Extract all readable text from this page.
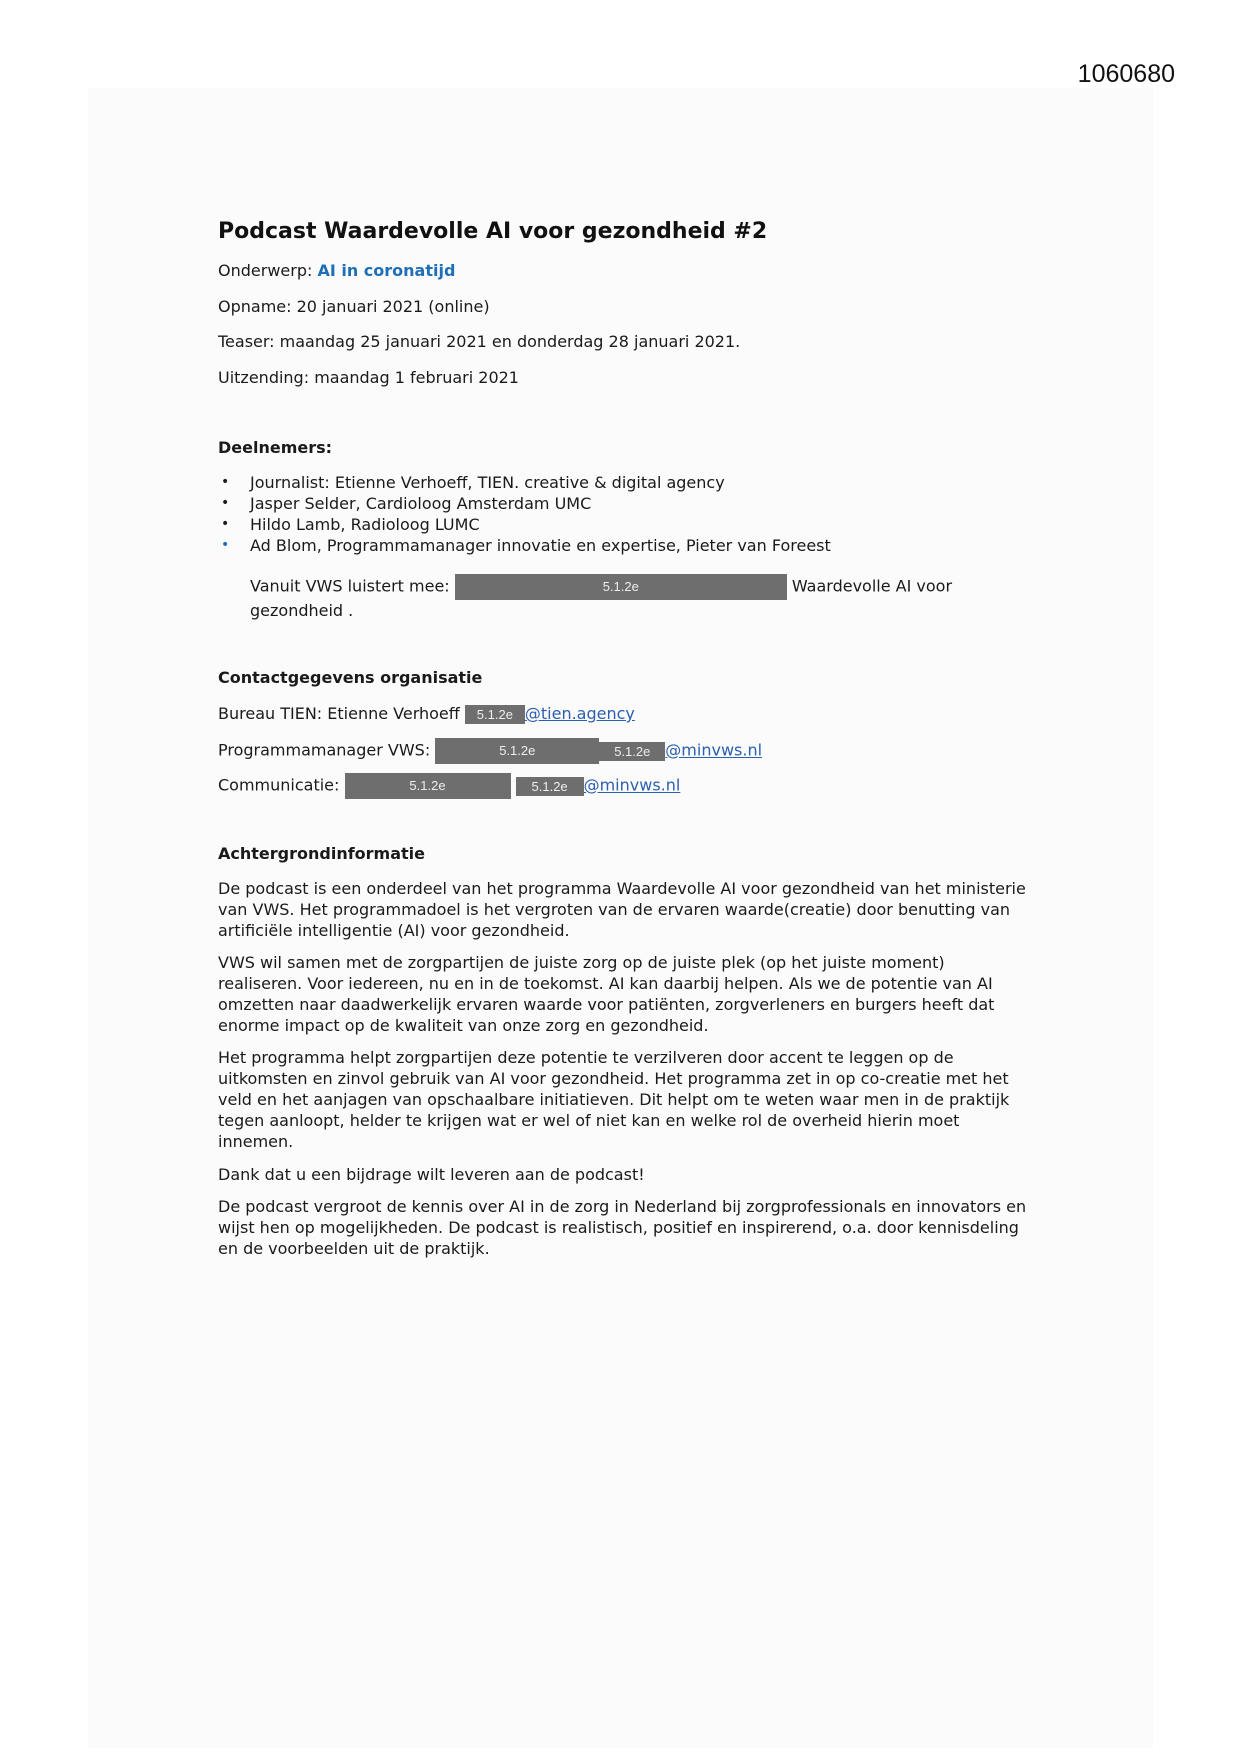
1060680
Podcast Waardevolle AI voor gezondheid #2
Onderwerp: AI in coronatijd
Opname: 20 januari 2021 (online)
Teaser: maandag 25 januari 2021 en donderdag 28 januari 2021.
Uitzending: maandag 1 februari 2021
Deelnemers:
• Journalist: Etienne Verhoeff, TIEN. creative & digital agency
• Jasper Selder, Cardioloog Amsterdam UMC
• Hildo Lamb, Radioloog LUMC
• Ad Blom, Programmamanager innovatie en expertise, Pieter van Foreest
Vanuit VWS luistert mee:	5.1.2e	Waardevolle AI voor
gezondheid .
Contactgegevens organisatie
Bureau TIEN: Etienne Verhoeff 5.1.2e @tien.agency
Programmamanager VWS:	5.1.2e	5.1.2e @minvws.nl
Communicatie:	5.1.2e	5.1.2e @minvws.nl
Achtergrondinformatie

De podcast is een onderdeel van het programma Waardevolle AI voor gezondheid van het ministerie van VWS. Het programmadoel is het vergroten van de ervaren waarde(creatie) door benutting van artificiële intelligentie (AI) voor gezondheid.

VWS wil samen met de zorgpartijen de juiste zorg op de juiste plek (op het juiste moment) realiseren. Voor iedereen, nu en in de toekomst. AI kan daarbij helpen. Als we de potentie van AI omzetten naar daadwerkelijk ervaren waarde voor patiënten, zorgverleners en burgers heeft dat enorme impact op de kwaliteit van onze zorg en gezondheid.

Het programma helpt zorgpartijen deze potentie te verzilveren door accent te leggen op de uitkomsten en zinvol gebruik van AI voor gezondheid. Het programma zet in op co-creatie met het veld en het aanjagen van opschaalbare initiatieven. Dit helpt om te weten waar men in de praktijk tegen aanloopt, helder te krijgen wat er wel of niet kan en welke rol de overheid hierin moet innemen.

Dank dat u een bijdrage wilt leveren aan de podcast!

De podcast vergroot de kennis over AI in de zorg in Nederland bij zorgprofessionals en innovators en wijst hen op mogelijkheden. De podcast is realistisch, positief en inspirerend, o.a. door kennisdeling en de voorbeelden uit de praktijk.
